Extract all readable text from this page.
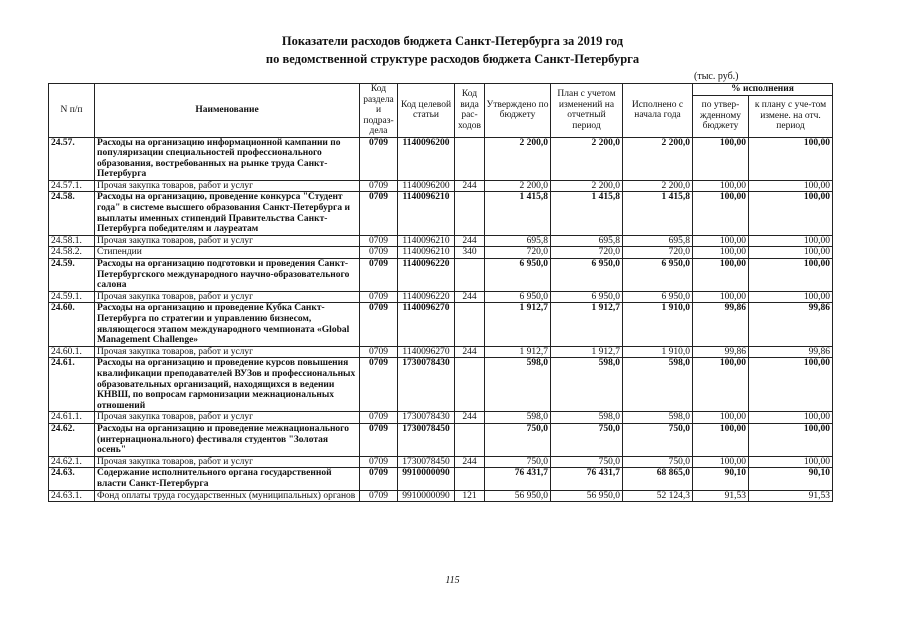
Показатели расходов бюджета Санкт-Петербурга за 2019 год
по ведомственной структуре расходов бюджета Санкт-Петербурга
(тыс. руб.)
N п/п	Наименование	Код раздела и подраз-дела	Код целевой статьи	Код вида рас-ходов	Утверждено по бюджету	План с учетом изменений на отчетный период	Исполнено с начала года	% исполнения	
								по утвер-жденному бюджету	к плану с уче-том измене. на отч. период
24.57.	Расходы на организацию информационной кампании по популяризации специальностей профессионального образования, востребованных на рынке труда Санкт-Петербурга	0709	1140096200		2 200,0	2 200,0	2 200,0	100,00	100,00
24.57.1.	Прочая закупка товаров, работ и услуг	0709	1140096200	244	2 200,0	2 200,0	2 200,0	100,00	100,00
24.58.	Расходы на организацию, проведение конкурса "Студент года" в системе высшего образования Санкт-Петербурга и выплаты именных стипендий Правительства Санкт-Петербурга победителям и лауреатам	0709	1140096210		1 415,8	1 415,8	1 415,8	100,00	100,00
24.58.1.	Прочая закупка товаров, работ и услуг	0709	1140096210	244	695,8	695,8	695,8	100,00	100,00
24.58.2.	Стипендии	0709	1140096210	340	720,0	720,0	720,0	100,00	100,00
24.59.	Расходы на организацию подготовки и проведения Санкт-Петербургского международного научно-образовательного салона	0709	1140096220		6 950,0	6 950,0	6 950,0	100,00	100,00
24.59.1.	Прочая закупка товаров, работ и услуг	0709	1140096220	244	6 950,0	6 950,0	6 950,0	100,00	100,00
24.60.	Расходы на организацию и проведение Кубка Санкт-Петербурга по стратегии и управлению бизнесом, являющегося этапом международного чемпионата «Global Management Challenge»	0709	1140096270		1 912,7	1 912,7	1 910,0	99,86	99,86
24.60.1.	Прочая закупка товаров, работ и услуг	0709	1140096270	244	1 912,7	1 912,7	1 910,0	99,86	99,86
24.61.	Расходы на организацию и проведение курсов повышения квалификации преподавателей ВУЗов и профессиональных образовательных организаций, находящихся в ведении КНВШ, по вопросам гармонизации межнациональных отношений	0709	1730078430		598,0	598,0	598,0	100,00	100,00
24.61.1.	Прочая закупка товаров, работ и услуг	0709	1730078430	244	598,0	598,0	598,0	100,00	100,00
24.62.	Расходы на организацию и проведение межнационального (интернационального) фестиваля студентов "Золотая осень"	0709	1730078450		750,0	750,0	750,0	100,00	100,00
24.62.1.	Прочая закупка товаров, работ и услуг	0709	1730078450	244	750,0	750,0	750,0	100,00	100,00
24.63.	Содержание исполнительного органа государственной власти Санкт-Петербурга	0709	9910000090		76 431,7	76 431,7	68 865,0	90,10	90,10
24.63.1.	Фонд оплаты труда государственных (муниципальных) органов	0709	9910000090	121	56 950,0	56 950,0	52 124,3	91,53	91,53
115
